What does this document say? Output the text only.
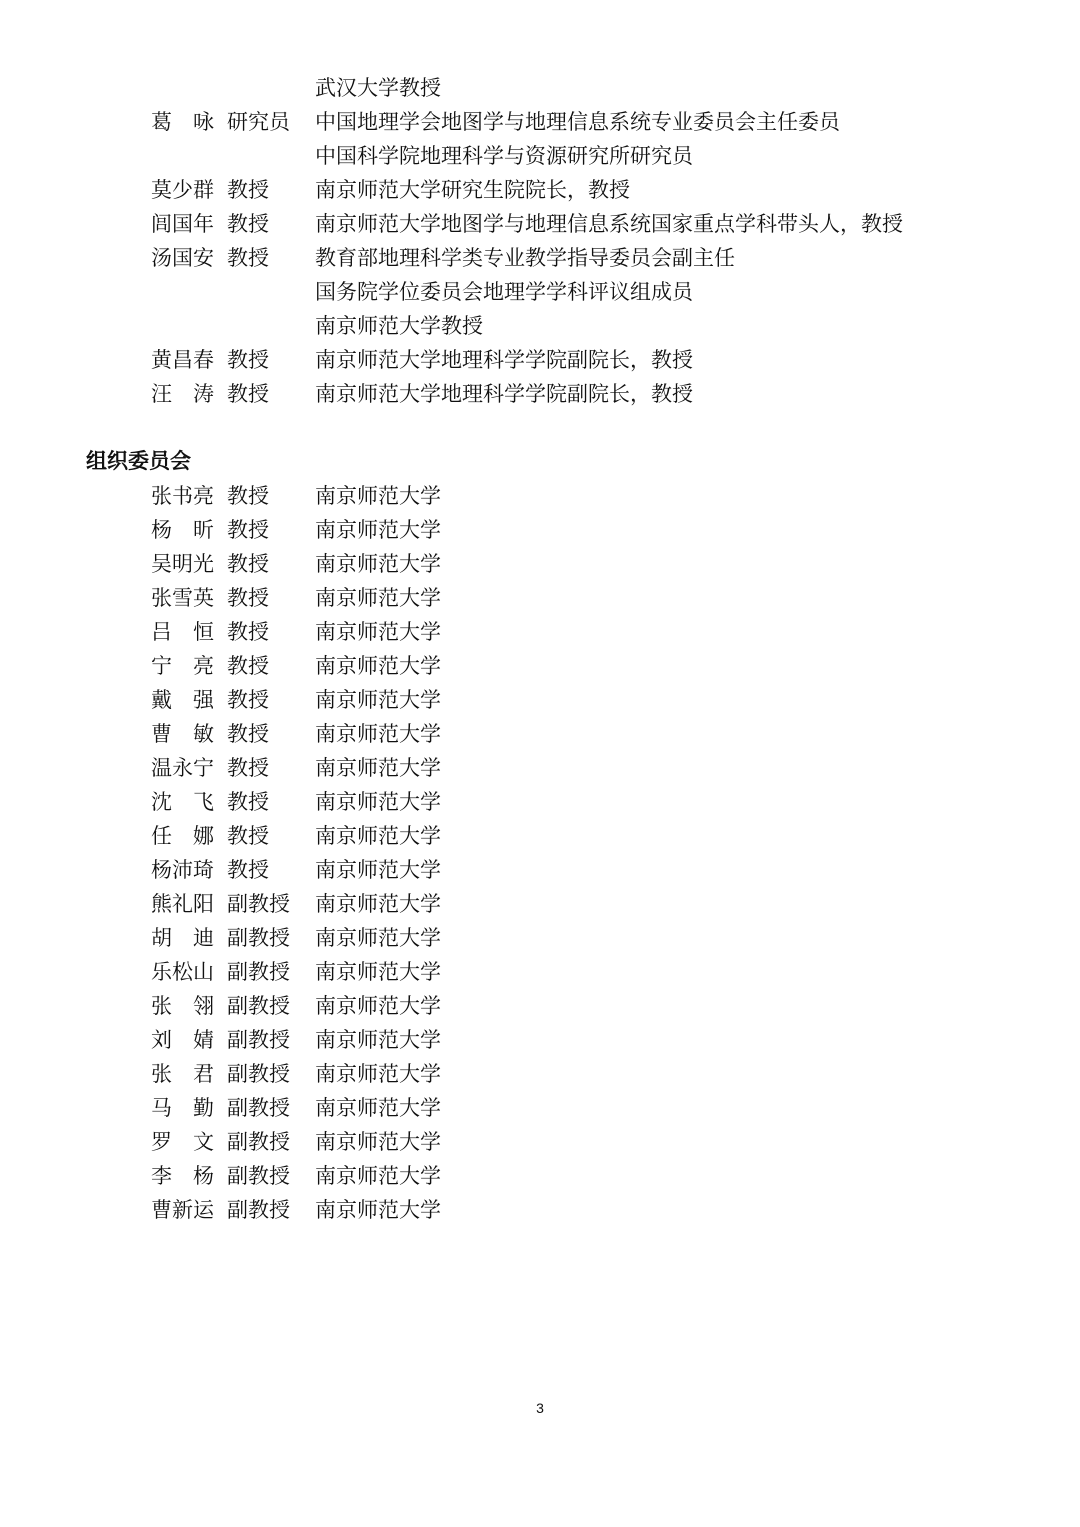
武汉大学教授
葛　咏 研究员 中国地理学会地图学与地理信息系统专业委员会主任委员
中国科学院地理科学与资源研究所研究员
莫少群 教授 南京师范大学研究生院院长，教授
闾国年 教授 南京师范大学地图学与地理信息系统国家重点学科带头人，教授
汤国安 教授 教育部地理科学类专业教学指导委员会副主任
国务院学位委员会地理学学科评议组成员
南京师范大学教授
黄昌春 教授 南京师范大学地理科学学院副院长，教授
汪　涛 教授 南京师范大学地理科学学院副院长，教授
组织委员会
张书亮 教授 南京师范大学
杨　昕 教授 南京师范大学
吴明光 教授 南京师范大学
张雪英 教授 南京师范大学
吕　恒 教授 南京师范大学
宁　亮 教授 南京师范大学
戴　强 教授 南京师范大学
曹　敏 教授 南京师范大学
温永宁 教授 南京师范大学
沈　飞 教授 南京师范大学
任　娜 教授 南京师范大学
杨沛琦 教授 南京师范大学
熊礼阳 副教授 南京师范大学
胡　迪 副教授 南京师范大学
乐松山 副教授 南京师范大学
张　翎 副教授 南京师范大学
刘　婧 副教授 南京师范大学
张　君 副教授 南京师范大学
马　勤 副教授 南京师范大学
罗　文 副教授 南京师范大学
李　杨 副教授 南京师范大学
曹新运 副教授 南京师范大学
3
